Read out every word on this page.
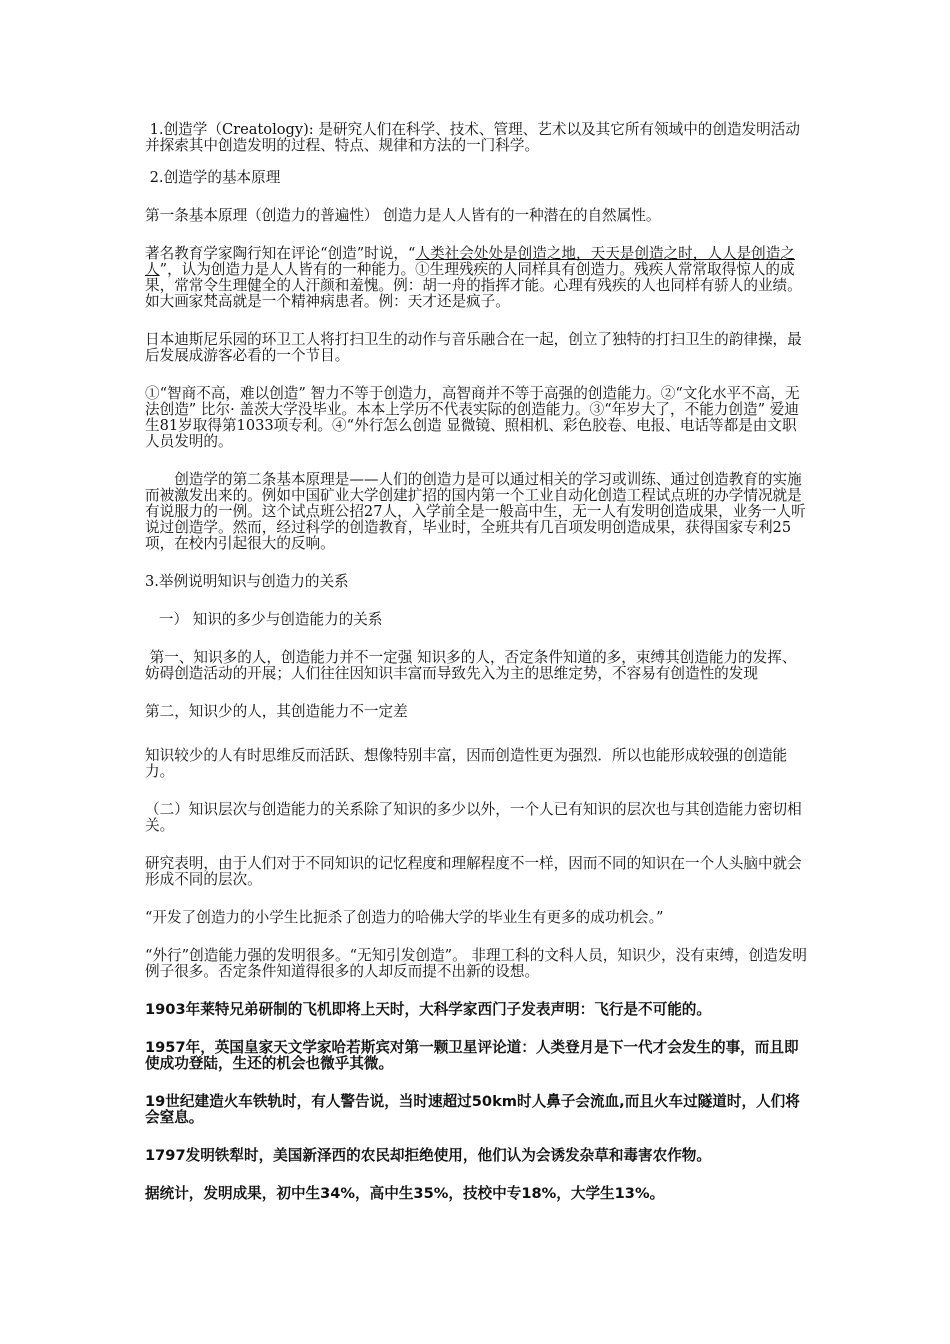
1.创造学（Creatology): 是研究人们在科学、技术、管理、艺术以及其它所有领域中的创造发明活动并探索其中创造发明的过程、特点、规律和方法的一门科学。

2.创造学的基本原理

第一条基本原理（创造力的普遍性） 创造力是人人皆有的一种潜在的自然属性。

著名教育学家陶行知在评论“创造”时说，“人类社会处处是创造之地，天天是创造之时，人人是创造之人”，认为创造力是人人皆有的一种能力。①生理残疾的人同样具有创造力。残疾人常常取得惊人的成果，常常令生理健全的人汗颜和羞愧。例：胡一舟的指挥才能。心理有残疾的人也同样有骄人的业绩。如大画家梵高就是一个精神病患者。例：天才还是疯子。

日本迪斯尼乐园的环卫工人将打扫卫生的动作与音乐融合在一起，创立了独特的打扫卫生的韵律操，最后发展成游客必看的一个节目。

①“智商不高，难以创造” 智力不等于创造力，高智商并不等于高强的创造能力。②“文化水平不高，无法创造” 比尔· 盖茨大学没毕业。本本上学历不代表实际的创造能力。③“年岁大了，不能力创造” 爱迪生81岁取得第1033项专利。④“外行怎么创造 显微镜、照相机、彩色胶卷、电报、电话等都是由文职人员发明的。

创造学的第二条基本原理是——人们的创造力是可以通过相关的学习或训练、通过创造教育的实施而被激发出来的。例如中国矿业大学创建扩招的国内第一个工业自动化创造工程试点班的办学情况就是有说服力的一例。这个试点班公招27人，入学前全是一般高中生，无一人有发明创造成果，业务一人听说过创造学。然而，经过科学的创造教育，毕业时，全班共有几百项发明创造成果，获得国家专利25项，在校内引起很大的反响。

3.举例说明知识与创造力的关系

一） 知识的多少与创造能力的关系

第一、知识多的人，创造能力并不一定强 知识多的人，否定条件知道的多，束缚其创造能力的发挥、妨碍创造活动的开展；人们往往因知识丰富而导致先入为主的思维定势，不容易有创造性的发现

第二，知识少的人，其创造能力不一定差

知识较少的人有时思维反而活跃、想像特别丰富，因而创造性更为强烈．所以也能形成较强的创造能力。

（二）知识层次与创造能力的关系除了知识的多少以外，一个人已有知识的层次也与其创造能力密切相关。

研究表明，由于人们对于不同知识的记忆程度和理解程度不一样，因而不同的知识在一个人头脑中就会形成不同的层次。

“开发了创造力的小学生比扼杀了创造力的哈佛大学的毕业生有更多的成功机会。”

“外行”创造能力强的发明很多。“无知引发创造”。 非理工科的文科人员，知识少，没有束缚，创造发明例子很多。否定条件知道得很多的人却反而提不出新的设想。

1903年莱特兄弟研制的飞机即将上天时，大科学家西门子发表声明：飞行是不可能的。

1957年，英国皇家天文学家哈若斯宾对第一颗卫星评论道：人类登月是下一代才会发生的事，而且即使成功登陆，生还的机会也微乎其微。

19世纪建造火车铁轨时，有人警告说，当时速超过50km时人鼻子会流血,而且火车过隧道时，人们将会窒息。

1797发明铁犁时，美国新泽西的农民却拒绝使用，他们认为会诱发杂草和毒害农作物。

据统计，发明成果，初中生34%，高中生35%，技校中专18%，大学生13%。
